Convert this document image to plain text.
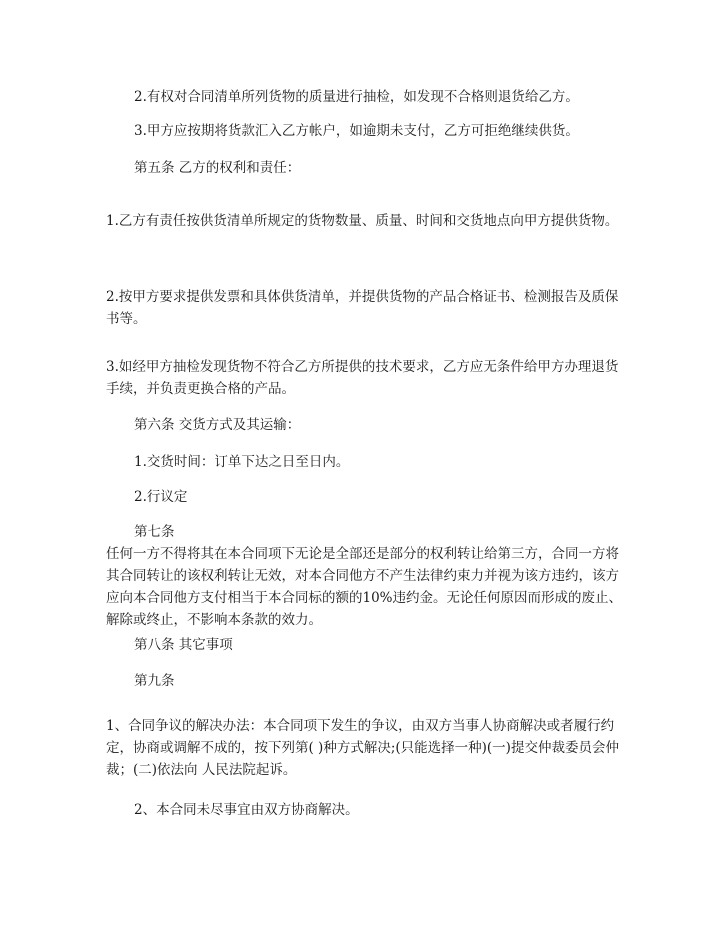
2.有权对合同清单所列货物的质量进行抽检，如发现不合格则退货给乙方。

3.甲方应按期将货款汇入乙方帐户，如逾期未支付，乙方可拒绝继续供货。

第五条 乙方的权利和责任：

1.乙方有责任按供货清单所规定的货物数量、质量、时间和交货地点向甲方提供货物。

2.按甲方要求提供发票和具体供货清单，并提供货物的产品合格证书、检测报告及质保书等。

3.如经甲方抽检发现货物不符合乙方所提供的技术要求，乙方应无条件给甲方办理退货手续，并负责更换合格的产品。

第六条 交货方式及其运输：

1.交货时间：订单下达之日至日内。

2.行议定

第七条

任何一方不得将其在本合同项下无论是全部还是部分的权利转让给第三方，合同一方将其合同转让的该权利转让无效，对本合同他方不产生法律约束力并视为该方违约，该方应向本合同他方支付相当于本合同标的额的10%违约金。无论任何原因而形成的废止、解除或终止，不影响本条款的效力。

第八条 其它事项

第九条

1、合同争议的解决办法：本合同项下发生的争议，由双方当事人协商解决或者履行约定，协商或调解不成的，按下列第( )种方式解决;(只能选择一种)(一)提交仲裁委员会仲裁；(二)依法向 人民法院起诉。

2、本合同未尽事宜由双方协商解决。
